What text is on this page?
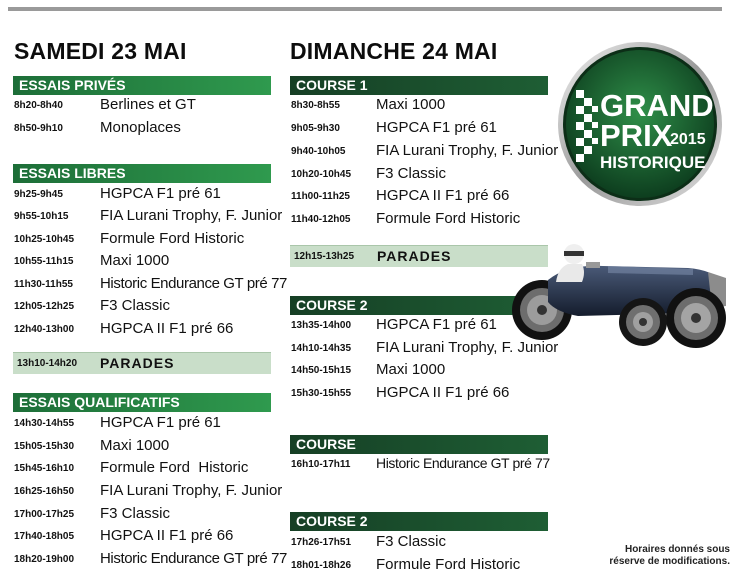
SAMEDI 23 MAI
ESSAIS PRIVÉS
8h20-8h40 Berlines et GT
8h50-9h10 Monoplaces
ESSAIS LIBRES
9h25-9h45 HGPCA F1 pré 61
9h55-10h15 FIA Lurani Trophy, F. Junior
10h25-10h45 Formule Ford Historic
10h55-11h15 Maxi 1000
11h30-11h55 Historic Endurance GT pré 77
12h05-12h25 F3 Classic
12h40-13h00 HGPCA II F1 pré 66
13h10-14h20 PARADES
ESSAIS QUALIFICATIFS
14h30-14h55 HGPCA F1 pré 61
15h05-15h30 Maxi 1000
15h45-16h10 Formule Ford  Historic
16h25-16h50 FIA Lurani Trophy, F. Junior
17h00-17h25 F3 Classic
17h40-18h05 HGPCA II F1 pré 66
18h20-19h00 Historic Endurance GT pré 77
DIMANCHE 24 MAI
COURSE 1
8h30-8h55 Maxi 1000
9h05-9h30 HGPCA F1 pré 61
9h40-10h05 FIA Lurani Trophy, F. Junior
10h20-10h45 F3 Classic
11h00-11h25 HGPCA II F1 pré 66
11h40-12h05 Formule Ford Historic
12h15-13h25 PARADES
COURSE 2
13h35-14h00 HGPCA F1 pré 61
14h10-14h35 FIA Lurani Trophy, F. Junior
14h50-15h15 Maxi 1000
15h30-15h55 HGPCA II F1 pré 66
COURSE
16h10-17h11 Historic Endurance GT pré 77
COURSE 2
17h26-17h51 F3 Classic
18h01-18h26 Formule Ford Historic
GRAND
PRIX
2015
HISTORIQUE
Horaires donnés sous
réserve de modifications.
